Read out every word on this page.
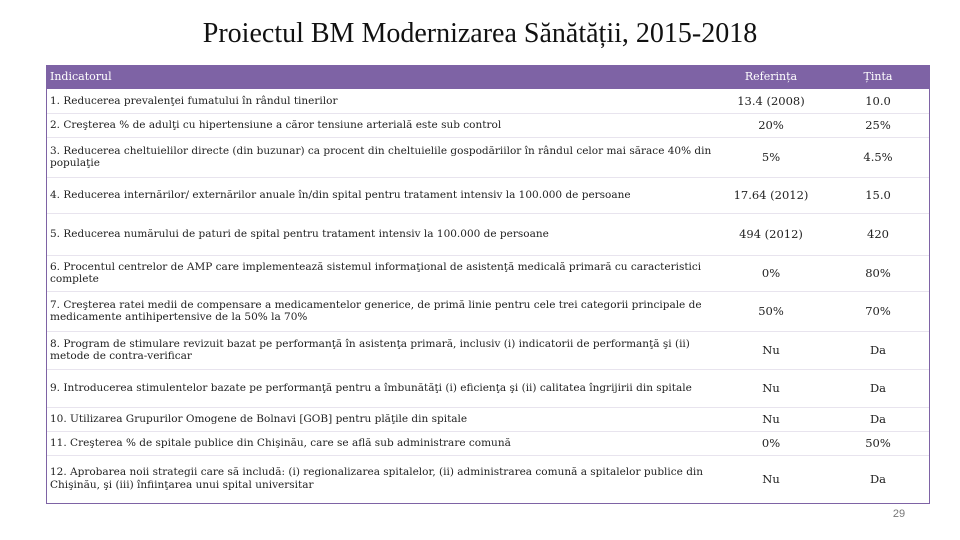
Proiectul BM Modernizarea Sănătății, 2015-2018
Indicatorul	Referința	Ținta
1. Reducerea prevalenţei fumatului în rândul tinerilor	13.4 (2008)	10.0
2. Creşterea % de adulţi cu hipertensiune a căror tensiune arterială este sub control	20%	25%
3. Reducerea cheltuielilor directe (din buzunar) ca procent din cheltuielile gospodăriilor în rândul celor mai sărace 40% din populaţie	5%	4.5%
4. Reducerea internărilor/ externărilor anuale în/din spital pentru tratament intensiv la 100.000 de persoane	17.64 (2012)	15.0
5. Reducerea numărului de paturi de spital pentru tratament intensiv la 100.000 de persoane	494 (2012)	420
6. Procentul centrelor de AMP care implementează sistemul informaţional de asistenţă medicală primară cu caracteristici complete	0%	80%
7. Creşterea ratei medii de compensare a medicamentelor generice, de primă linie pentru cele trei categorii principale de medicamente antihipertensive de la 50% la 70%	50%	70%
8. Program de stimulare revizuit bazat pe performanţă în asistenţa primară, inclusiv (i) indicatorii de performanţă şi (ii) metode de contra-verificar	Nu	Da
9. Introducerea stimulentelor bazate pe performanţă pentru a îmbunătăţi (i) eficienţa şi (ii) calitatea îngrijirii din spitale	Nu	Da
10. Utilizarea Grupurilor Omogene de Bolnavi [GOB] pentru plăţile din spitale	Nu	Da
11. Creşterea % de spitale publice din Chişinău, care se află sub administrare comună	0%	50%
12. Aprobarea noii strategii care să includă: (i) regionalizarea spitalelor, (ii) administrarea comună a spitalelor publice din Chişinău, şi (iii) înfiinţarea unui spital universitar	Nu	Da
29
